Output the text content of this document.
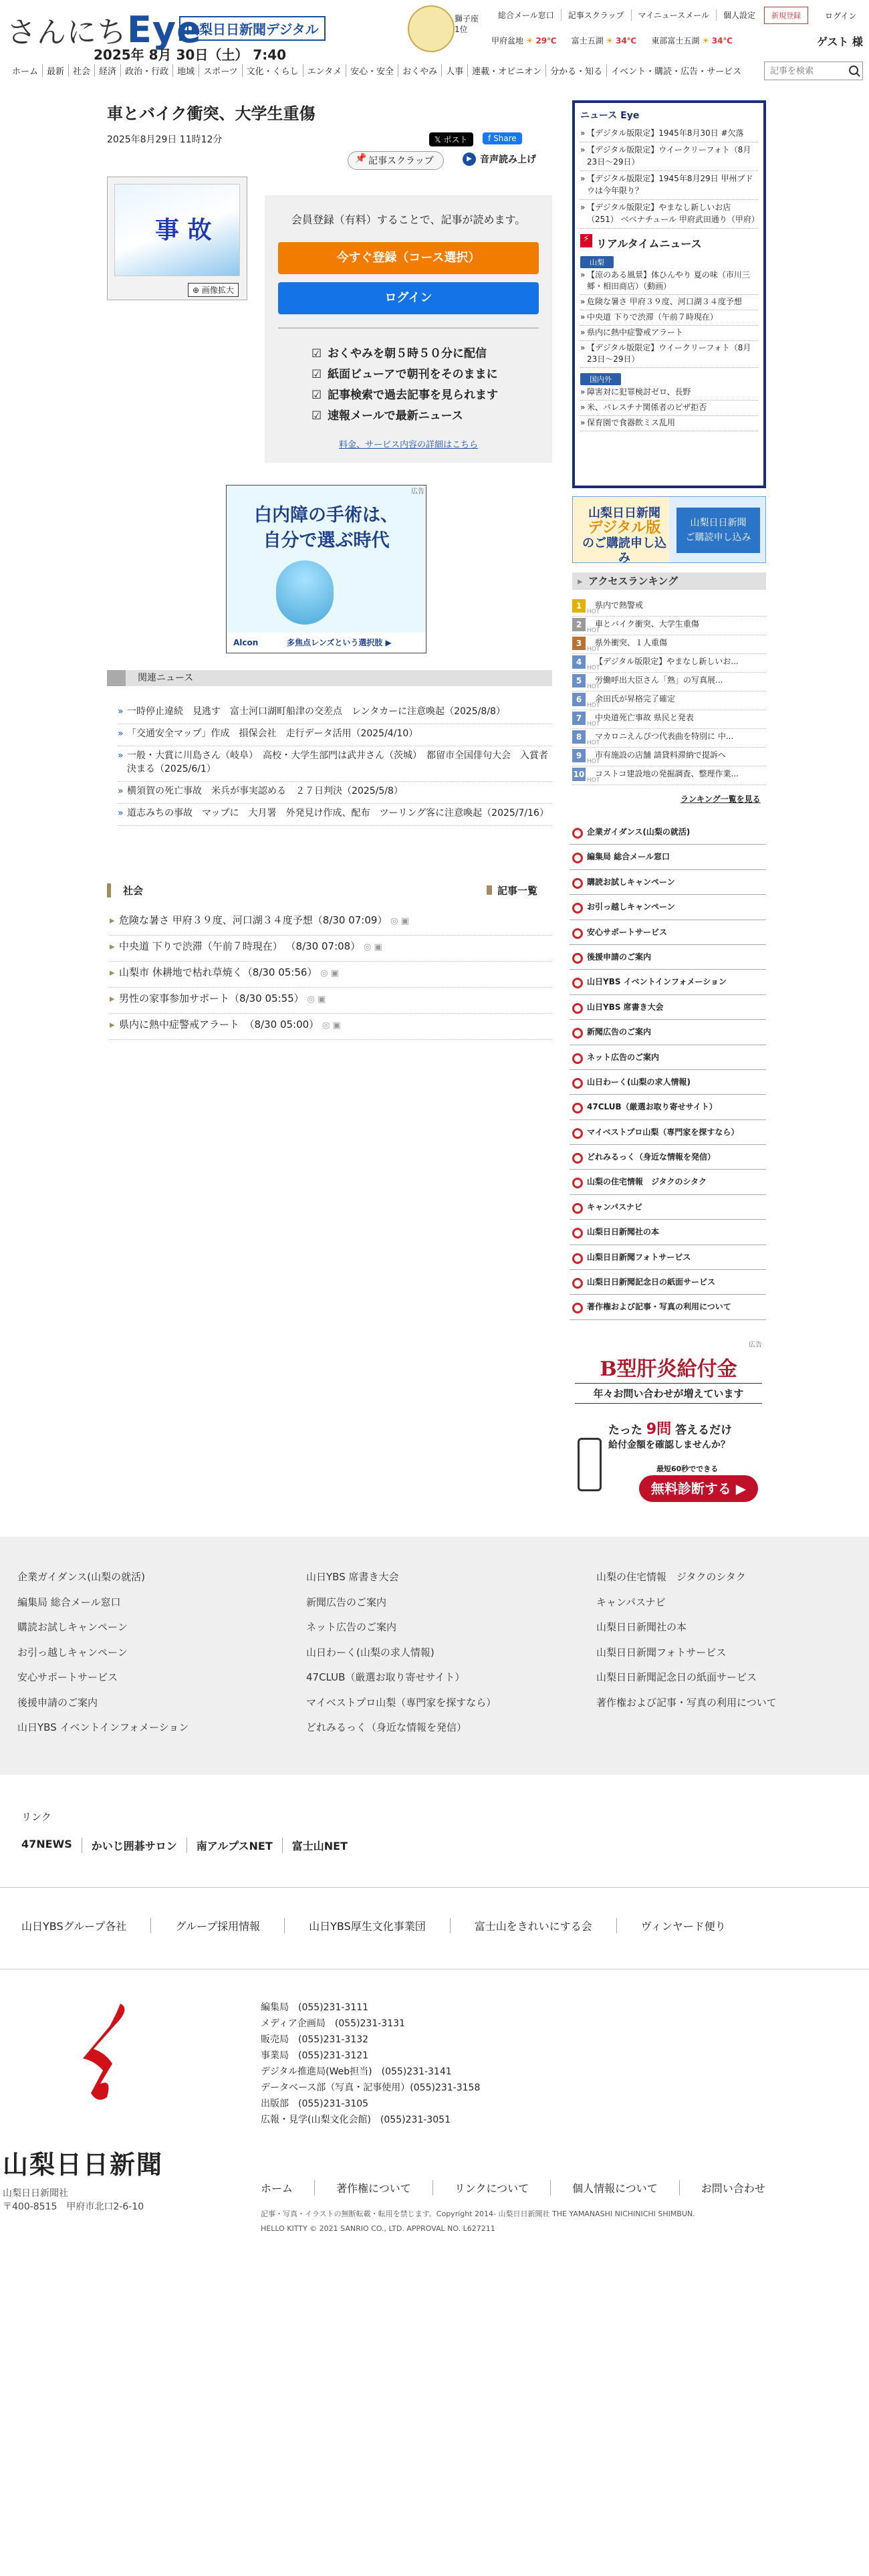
さんにちEye
山梨日日新聞デジタル
2025年 8月 30日（土） 7:40
獅子座 1位
総合メール窓口	記事スクラップ	マイニュースメール	個人設定	新規登録	ログイン
甲府盆地 ☀ 29℃ 富士五湖 ☀ 34℃ 東部富士五湖 ☀ 34℃	ゲスト 様
ホーム	最新	社会	経済	政治・行政	地域	スポーツ	文化・くらし	エンタメ	安心・安全	おくやみ	人事	連載・オピニオン	分かる・知る	イベント・購読・広告・サービス
記事を検索
車とバイク衝突、大学生重傷
2025年8月29日 11時12分	𝕏 ポスト	f Share
📌 記事スクラップ	▶ 音声読み上げ
事 故
⊕ 画像拡大
会員登録（有料）することで、記事が読めます。
今すぐ登録（コース選択）
ログイン
☑ おくやみを朝５時５０分に配信
☑ 紙面ビューアで朝刊をそのままに
☑ 記事検索で過去記事を見られます
☑ 速報メールで最新ニュース
料金、サービス内容の詳細はこちら
広告
白内障の手術は、
自分で選ぶ時代
Alcon	多焦点レンズという選択肢 ▶
関連ニュース
» 一時停止違続　見逃す　富士河口湖町船津の交差点　レンタカーに注意喚起（2025/8/8）
» 「交通安全マップ」作成　損保会社　走行データ活用（2025/4/10）
» 一般・大賞に川島さん（岐阜）　高校・大学生部門は武井さん（茨城）　都留市全国俳句大会　入賞者決まる（2025/6/1）
» 横須賀の死亡事故　米兵が事実認める　２７日判決（2025/5/8）
» 道志みちの事故　マップに　大月署　外発見け作成、配布　ツーリング客に注意喚起（2025/7/16）
社会	記事一覧
▸ 危険な暑さ 甲府３９度、河口湖３４度予想（8/30 07:09） ◎ ▣
▸ 中央道 下りで渋滞（午前７時現在） （8/30 07:08） ◎ ▣
▸ 山梨市 休耕地で枯れ草焼く（8/30 05:56） ◎ ▣
▸ 男性の家事参加サポート（8/30 05:55） ◎ ▣
▸ 県内に熱中症警戒アラート　（8/30 05:00） ◎ ▣
ニュース Eye
» 【デジタル版限定】1945年8月30日 #欠落
» 【デジタル版限定】ウイークリーフォト（8月23日〜29日）
» 【デジタル版限定】1945年8月29日 甲州ブドウは今年限り？
» 【デジタル版限定】やまなし新しいお店（251） ベベナチュール 甲府武田通り（甲府）
⚡ リアルタイムニュース
山梨
» 【涼のある風景】体ひんやり 夏の味（市川三郷・相田商店）（動画）
» 危険な暑さ 甲府３９度、河口湖３４度予想
» 中央道 下りで渋滞（午前７時現在）
» 県内に熱中症警戒アラート
» 【デジタル版限定】ウイークリーフォト（8月23日〜29日）
国内外
» 障害対に犯罪検討ゼロ、長野
» 米、パレスチナ関係者のビザ拒否
» 保育園で食器飲ミス乱用
山梨日日新聞
デジタル版
のご購読申し込み
山梨日日新聞
ご購読申し込み
▸ アクセスランキング
1
HOT
県内で熱警戒
2
HOT
車とバイク衝突、大学生重傷
3
HOT
県外衝突、１人重傷
4
HOT
【デジタル版限定】やまなし新しいお...
5
HOT
労働呼出大臣さん「熟」の写真展...
6
HOT
余田氏が昇格完了確定
7
HOT
中央道死亡事故 県民と発表
8
HOT
マカロニえんぴつ代表曲を特別に 中...
9
HOT
市有施設の店舗 請貸料滞納で提訴へ
10
HOT
コストコ建設地の発掘調査、整理作業...
ランキング一覧を見る
企業ガイダンス(山梨の就活)
編集局 総合メール窓口
購読お試しキャンペーン
お引っ越しキャンペーン
安心サポートサービス
後援申請のご案内
山日YBS イベントインフォメーション
山日YBS 席書き大会
新聞広告のご案内
ネット広告のご案内
山日わーく(山梨の求人情報)
47CLUB（厳選お取り寄せサイト）
マイベストプロ山梨（専門家を探すなら）
どれみるっく（身近な情報を発信）
山梨の住宅情報　ジタクのシタク
キャンパスナビ
山梨日日新聞社の本
山梨日日新聞フォトサービス
山梨日日新聞記念日の紙面サービス
著作権および記事・写真の利用について
広告
B型肝炎給付金
年々お問い合わせが増えています
たった 9問 答えるだけ
給付金額を確認しませんか？
最短60秒でできる
無料診断する ▶
企業ガイダンス(山梨の就活)
編集局 総合メール窓口
購読お試しキャンペーン
お引っ越しキャンペーン
安心サポートサービス
後援申請のご案内
山日YBS イベントインフォメーション
山日YBS 席書き大会
新聞広告のご案内
ネット広告のご案内
山日わーく(山梨の求人情報)
47CLUB（厳選お取り寄せサイト）
マイベストプロ山梨（専門家を探すなら）
どれみるっく（身近な情報を発信）
山梨の住宅情報　ジタクのシタク
キャンパスナビ
山梨日日新聞社の本
山梨日日新聞フォトサービス
山梨日日新聞記念日の紙面サービス
著作権および記事・写真の利用について
リンク
47NEWS	かいじ囲碁サロン	南アルプスNET	富士山NET
山日YBSグループ各社	グループ採用情報	山日YBS厚生文化事業団	富士山をきれいにする会	ヴィンヤード便り
山梨日日新聞
山梨日日新聞社
〒400-8515　甲府市北口2-6-10
編集局　(055)231-3111
メディア企画局　(055)231-3131
販売局　(055)231-3132
事業局　(055)231-3121
デジタル推進局(Web担当)　(055)231-3141
データベース部（写真・記事使用）(055)231-3158
出版部　(055)231-3105
広報・見学(山梨文化会館)　(055)231-3051
ホーム	著作権について	リンクについて	個人情報について	お問い合わせ
記事・写真・イラストの無断転載・転用を禁じます。Copyright 2014- 山梨日日新聞社 THE YAMANASHI NICHINICHI SHIMBUN.
HELLO KITTY © 2021 SANRIO CO., LTD. APPROVAL NO. L627211
